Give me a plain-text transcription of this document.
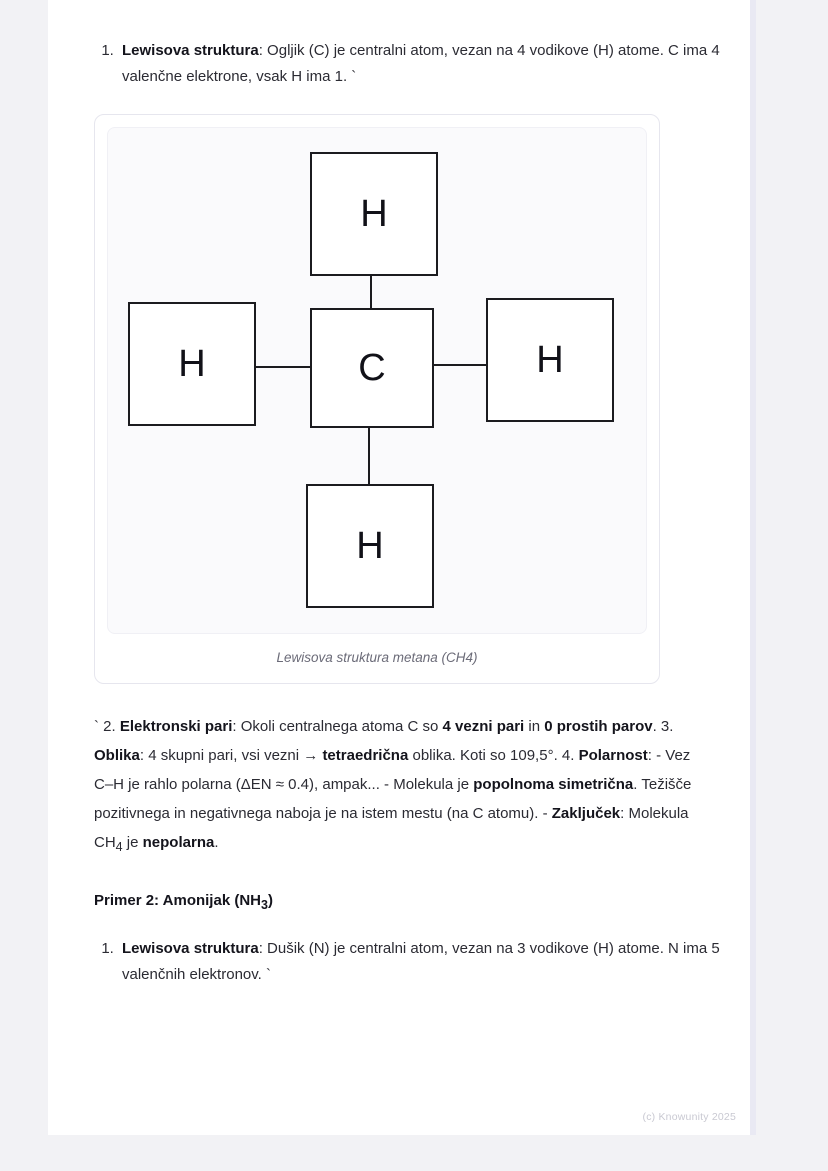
1. Lewisova struktura: Ogljik (C) je centralni atom, vezan na 4 vodikove (H) atome. C ima 4 valenčne elektrone, vsak H ima 1. `
H
H	C	H
H
Lewisova struktura metana (CH4)
` 2. Elektronski pari: Okoli centralnega atoma C so 4 vezni pari in 0 prostih parov. 3. Oblika: 4 skupni pari, vsi vezni → tetraedrična oblika. Koti so 109,5°. 4. Polarnost: - Vez C–H je rahlo polarna (ΔEN ≈ 0.4), ampak... - Molekula je popolnoma simetrična. Težišče pozitivnega in negativnega naboja je na istem mestu (na C atomu). - Zaključek: Molekula $CH_4$ je nepolarna.
Primer 2: Amonijak $(NH_3)$
1. Lewisova struktura: Dušik (N) je centralni atom, vezan na 3 vodikove (H) atome. N ima 5 valenčnih elektronov. `
(c) Knowunity 2025
